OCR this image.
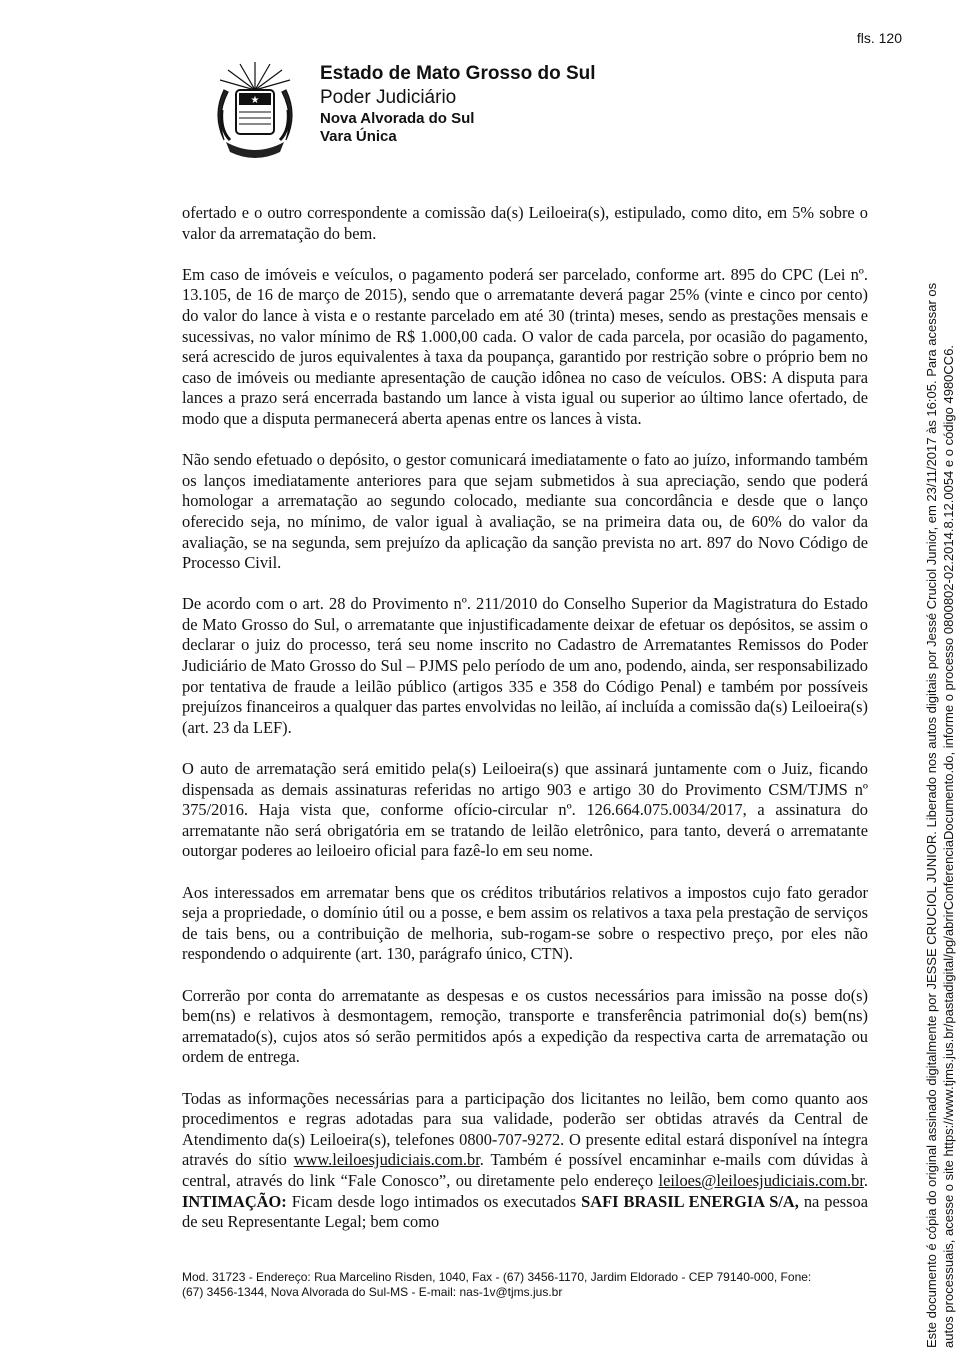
fls. 120
★
Estado de Mato Grosso do Sul
Poder Judiciário
Nova Alvorada do Sul
Vara Única

ofertado e o outro correspondente a comissão da(s) Leiloeira(s), estipulado, como dito, em 5% sobre o valor da arrematação do bem.

Em caso de imóveis e veículos, o pagamento poderá ser parcelado, conforme art. 895 do CPC (Lei nº. 13.105, de 16 de março de 2015), sendo que o arrematante deverá pagar 25% (vinte e cinco por cento) do valor do lance à vista e o restante parcelado em até 30 (trinta) meses, sendo as prestações mensais e sucessivas, no valor mínimo de R$ 1.000,00 cada. O valor de cada parcela, por ocasião do pagamento, será acrescido de juros equivalentes à taxa da poupança, garantido por restrição sobre o próprio bem no caso de imóveis ou mediante apresentação de caução idônea no caso de veículos. OBS: A disputa para lances a prazo será encerrada bastando um lance à vista igual ou superior ao último lance ofertado, de modo que a disputa permanecerá aberta apenas entre os lances à vista.

Não sendo efetuado o depósito, o gestor comunicará imediatamente o fato ao juízo, informando também os lanços imediatamente anteriores para que sejam submetidos à sua apreciação, sendo que poderá homologar a arrematação ao segundo colocado, mediante sua concordância e desde que o lanço oferecido seja, no mínimo, de valor igual à avaliação, se na primeira data ou, de 60% do valor da avaliação, se na segunda, sem prejuízo da aplicação da sanção prevista no art. 897 do Novo Código de Processo Civil.

De acordo com o art. 28 do Provimento nº. 211/2010 do Conselho Superior da Magistratura do Estado de Mato Grosso do Sul, o arrematante que injustificadamente deixar de efetuar os depósitos, se assim o declarar o juiz do processo, terá seu nome inscrito no Cadastro de Arrematantes Remissos do Poder Judiciário de Mato Grosso do Sul – PJMS pelo período de um ano, podendo, ainda, ser responsabilizado por tentativa de fraude a leilão público (artigos 335 e 358 do Código Penal) e também por possíveis prejuízos financeiros a qualquer das partes envolvidas no leilão, aí incluída a comissão da(s) Leiloeira(s) (art. 23 da LEF).

O auto de arrematação será emitido pela(s) Leiloeira(s) que assinará juntamente com o Juiz, ficando dispensada as demais assinaturas referidas no artigo 903 e artigo 30 do Provimento CSM/TJMS nº 375/2016. Haja vista que, conforme ofício-circular nº. 126.664.075.0034/2017, a assinatura do arrematante não será obrigatória em se tratando de leilão eletrônico, para tanto, deverá o arrematante outorgar poderes ao leiloeiro oficial para fazê-lo em seu nome.

Aos interessados em arrematar bens que os créditos tributários relativos a impostos cujo fato gerador seja a propriedade, o domínio útil ou a posse, e bem assim os relativos a taxa pela prestação de serviços de tais bens, ou a contribuição de melhoria, sub-rogam-se sobre o respectivo preço, por eles não respondendo o adquirente (art. 130, parágrafo único, CTN).

Correrão por conta do arrematante as despesas e os custos necessários para imissão na posse do(s) bem(ns) e relativos à desmontagem, remoção, transporte e transferência patrimonial do(s) bem(ns) arrematado(s), cujos atos só serão permitidos após a expedição da respectiva carta de arrematação ou ordem de entrega.

Todas as informações necessárias para a participação dos licitantes no leilão, bem como quanto aos procedimentos e regras adotadas para sua validade, poderão ser obtidas através da Central de Atendimento da(s) Leiloeira(s), telefones 0800-707-9272. O presente edital estará disponível na íntegra através do sítio www.leiloesjudiciais.com.br. Também é possível encaminhar e-mails com dúvidas à central, através do link “Fale Conosco”, ou diretamente pelo endereço leiloes@leiloesjudiciais.com.br. INTIMAÇÃO: Ficam desde logo intimados os executados SAFI BRASIL ENERGIA S/A, na pessoa de seu Representante Legal; bem como

Mod. 31723 - Endereço: Rua Marcelino Risden, 1040, Fax - (67) 3456-1170, Jardim Eldorado - CEP 79140-000, Fone:
(67) 3456-1344, Nova Alvorada do Sul-MS - E-mail: nas-1v@tjms.jus.br	Este documento é cópia do original assinado digitalmente por JESSE CRUCIOL JUNIOR. Liberado nos autos digitais por Jessé Cruciol Junior, em 23/11/2017 às 16:05. Para acessar os autos processuais, acesse o site https://www.tjms.jus.br/pastadigital/pg/abrirConferenciaDocumento.do, informe o processo 0800802-02.2014.8.12.0054 e o código 4980CC6.
